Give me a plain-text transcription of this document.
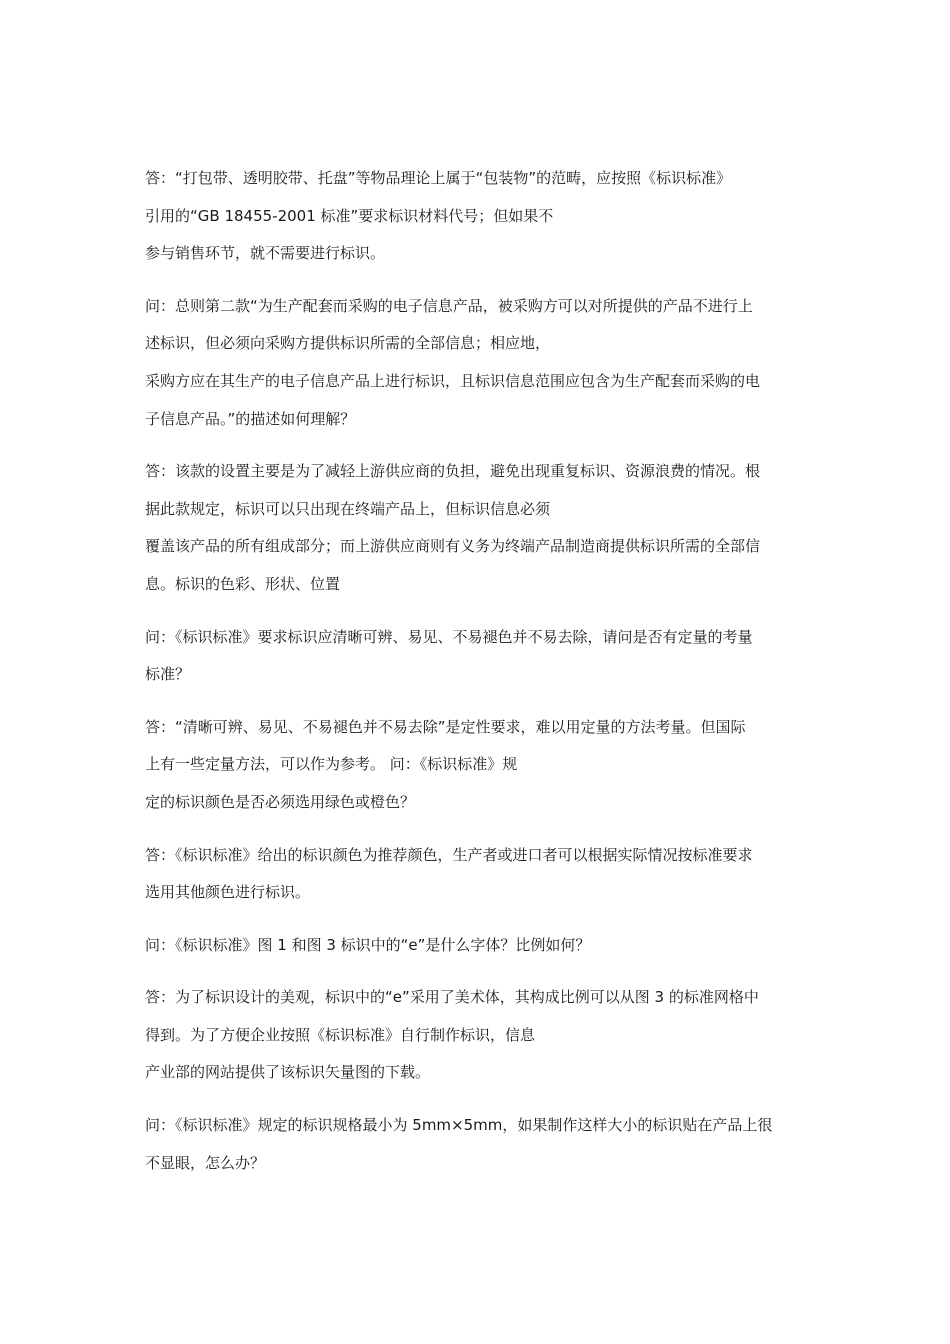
答：“打包带、透明胶带、托盘”等物品理论上属于“包装物”的范畴，应按照《标识标准》
引用的“GB 18455-2001 标准”要求标识材料代号；但如果不
参与销售环节，就不需要进行标识。
问：总则第二款“为生产配套而采购的电子信息产品，被采购方可以对所提供的产品不进行上
述标识，但必须向采购方提供标识所需的全部信息；相应地，
采购方应在其生产的电子信息产品上进行标识，且标识信息范围应包含为生产配套而采购的电
子信息产品。”的描述如何理解？
答：该款的设置主要是为了减轻上游供应商的负担，避免出现重复标识、资源浪费的情况。根
据此款规定，标识可以只出现在终端产品上，但标识信息必须
覆盖该产品的所有组成部分；而上游供应商则有义务为终端产品制造商提供标识所需的全部信
息。标识的色彩、形状、位置
问：《标识标准》要求标识应清晰可辨、易见、不易褪色并不易去除，请问是否有定量的考量
标准？
答：“清晰可辨、易见、不易褪色并不易去除”是定性要求，难以用定量的方法考量。但国际
上有一些定量方法，可以作为参考。 问：《标识标准》规
定的标识颜色是否必须选用绿色或橙色？
答：《标识标准》给出的标识颜色为推荐颜色，生产者或进口者可以根据实际情况按标准要求
选用其他颜色进行标识。
问：《标识标准》图 1 和图 3 标识中的“e”是什么字体？比例如何？
答：为了标识设计的美观，标识中的“e”采用了美术体，其构成比例可以从图 3 的标准网格中
得到。为了方便企业按照《标识标准》自行制作标识，信息
产业部的网站提供了该标识矢量图的下载。
问：《标识标准》规定的标识规格最小为 5mm×5mm，如果制作这样大小的标识贴在产品上很
不显眼，怎么办？
